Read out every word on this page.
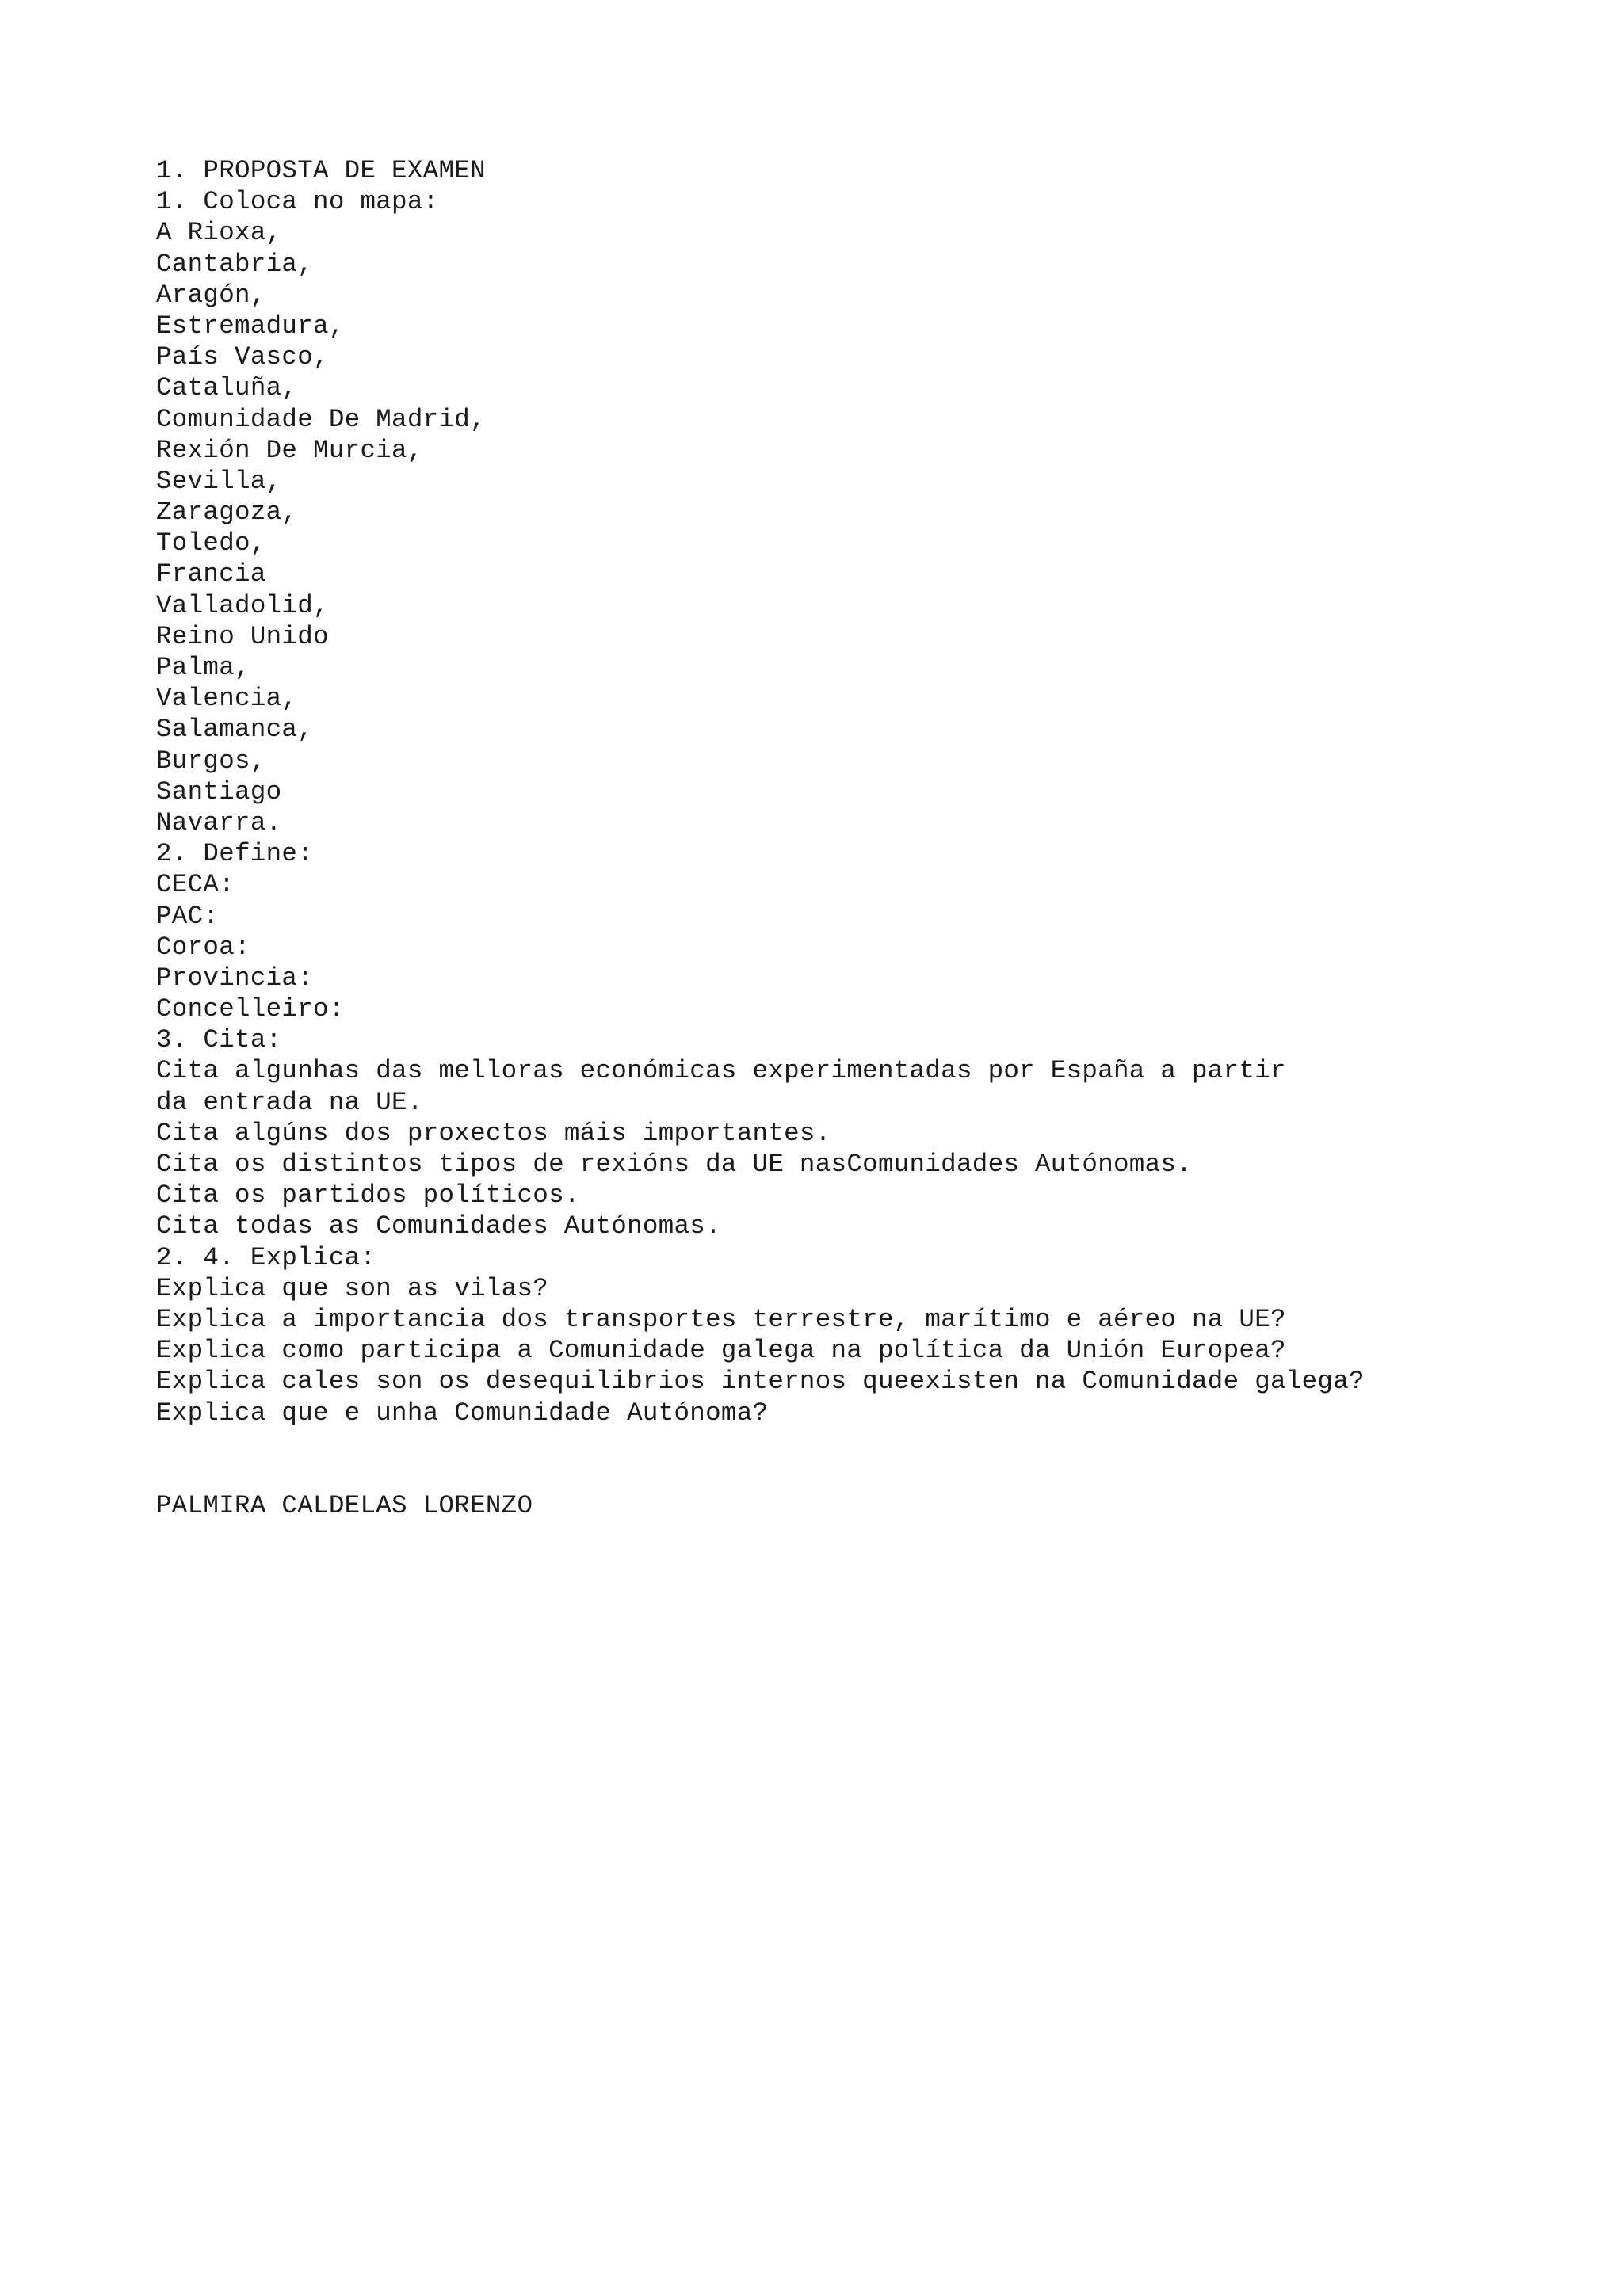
1. PROPOSTA DE EXAMEN
1. Coloca no mapa:
A Rioxa,
Cantabria,
Aragón,
Estremadura,
País Vasco,
Cataluña,
Comunidade De Madrid,
Rexión De Murcia,
Sevilla,
Zaragoza,
Toledo,
Francia
Valladolid,
Reino Unido
Palma,
Valencia,
Salamanca,
Burgos,
Santiago
Navarra.
2. Define:
CECA:
PAC:
Coroa:
Provincia:
Concelleiro:
3. Cita:
Cita algunhas das melloras económicas experimentadas por España a partir
da entrada na UE.
Cita algúns dos proxectos máis importantes.
Cita os distintos tipos de rexións da UE nasComunidades Autónomas.
Cita os partidos políticos.
Cita todas as Comunidades Autónomas.
2. 4. Explica:
Explica que son as vilas?
Explica a importancia dos transportes terrestre, marítimo e aéreo na UE?
Explica como participa a Comunidade galega na política da Unión Europea?
Explica cales son os desequilibrios internos queexisten na Comunidade galega?
Explica que e unha Comunidade Autónoma?
PALMIRA CALDELAS LORENZO
